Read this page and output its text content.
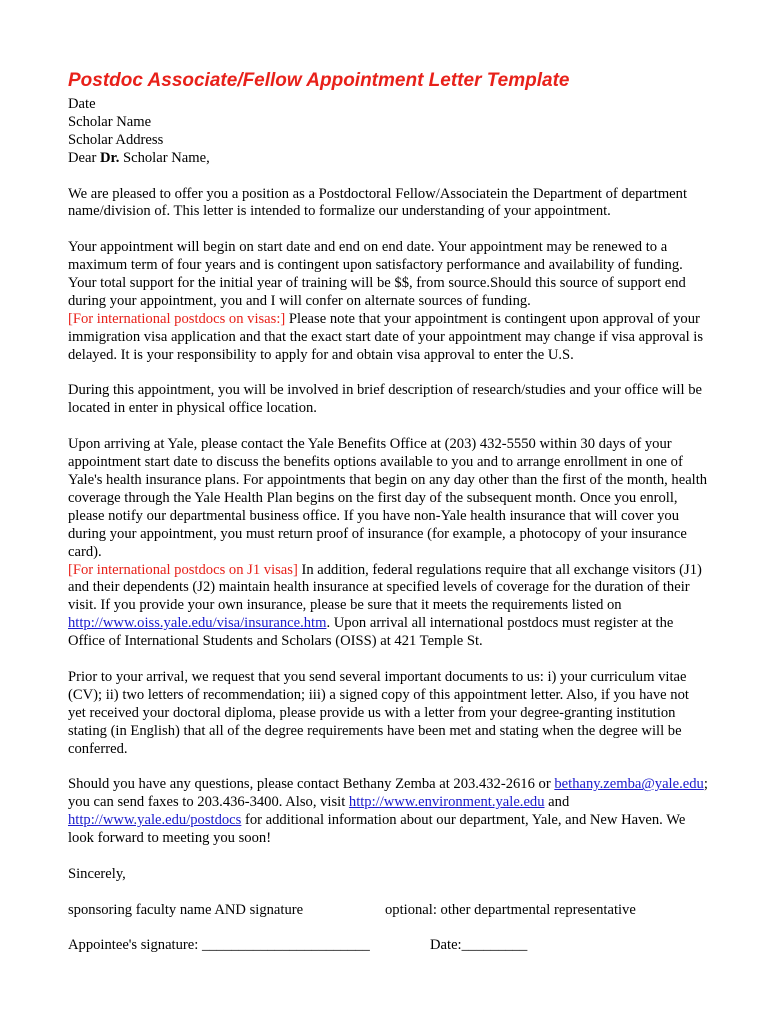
Postdoc Associate/Fellow Appointment Letter Template
Date
Scholar Name
Scholar Address
Dear Dr. Scholar Name,

We are pleased to offer you a position as a Postdoctoral Fellow/Associatein the Department of department name/division of. This letter is intended to formalize our understanding of your appointment.

Your appointment will begin on start date and end on end date. Your appointment may be renewed to a maximum term of four years and is contingent upon satisfactory performance and availability of funding. Your total support for the initial year of training will be $$, from source.Should this source of support end during your appointment, you and I will confer on alternate sources of funding.
[For international postdocs on visas:] Please note that your appointment is contingent upon approval of your immigration visa application and that the exact start date of your appointment may change if visa approval is delayed. It is your responsibility to apply for and obtain visa approval to enter the U.S.

During this appointment, you will be involved in brief description of research/studies and your office will be located in enter in physical office location.

Upon arriving at Yale, please contact the Yale Benefits Office at (203) 432-5550 within 30 days of your appointment start date to discuss the benefits options available to you and to arrange enrollment in one of Yale's health insurance plans. For appointments that begin on any day other than the first of the month, health coverage through the Yale Health Plan begins on the first day of the subsequent month. Once you enroll, please notify our departmental business office. If you have non-Yale health insurance that will cover you during your appointment, you must return proof of insurance (for example, a photocopy of your insurance card).
[For international postdocs on J1 visas] In addition, federal regulations require that all exchange visitors (J1) and their dependents (J2) maintain health insurance at specified levels of coverage for the duration of their visit. If you provide your own insurance, please be sure that it meets the requirements listed on http://www.oiss.yale.edu/visa/insurance.htm. Upon arrival all international postdocs must register at the Office of International Students and Scholars (OISS) at 421 Temple St.

Prior to your arrival, we request that you send several important documents to us: i) your curriculum vitae (CV); ii) two letters of recommendation; iii) a signed copy of this appointment letter. Also, if you have not yet received your doctoral diploma, please provide us with a letter from your degree-granting institution stating (in English) that all of the degree requirements have been met and stating when the degree will be conferred.

Should you have any questions, please contact Bethany Zemba at 203.432-2616 or bethany.zemba@yale.edu; you can send faxes to 203.436-3400. Also, visit http://www.environment.yale.edu and http://www.yale.edu/postdocs for additional information about our department, Yale, and New Haven. We look forward to meeting you soon!

Sincerely,
sponsoring faculty name AND signature	optional: other departmental representative
Appointee's signature: _______________________	Date:_________
